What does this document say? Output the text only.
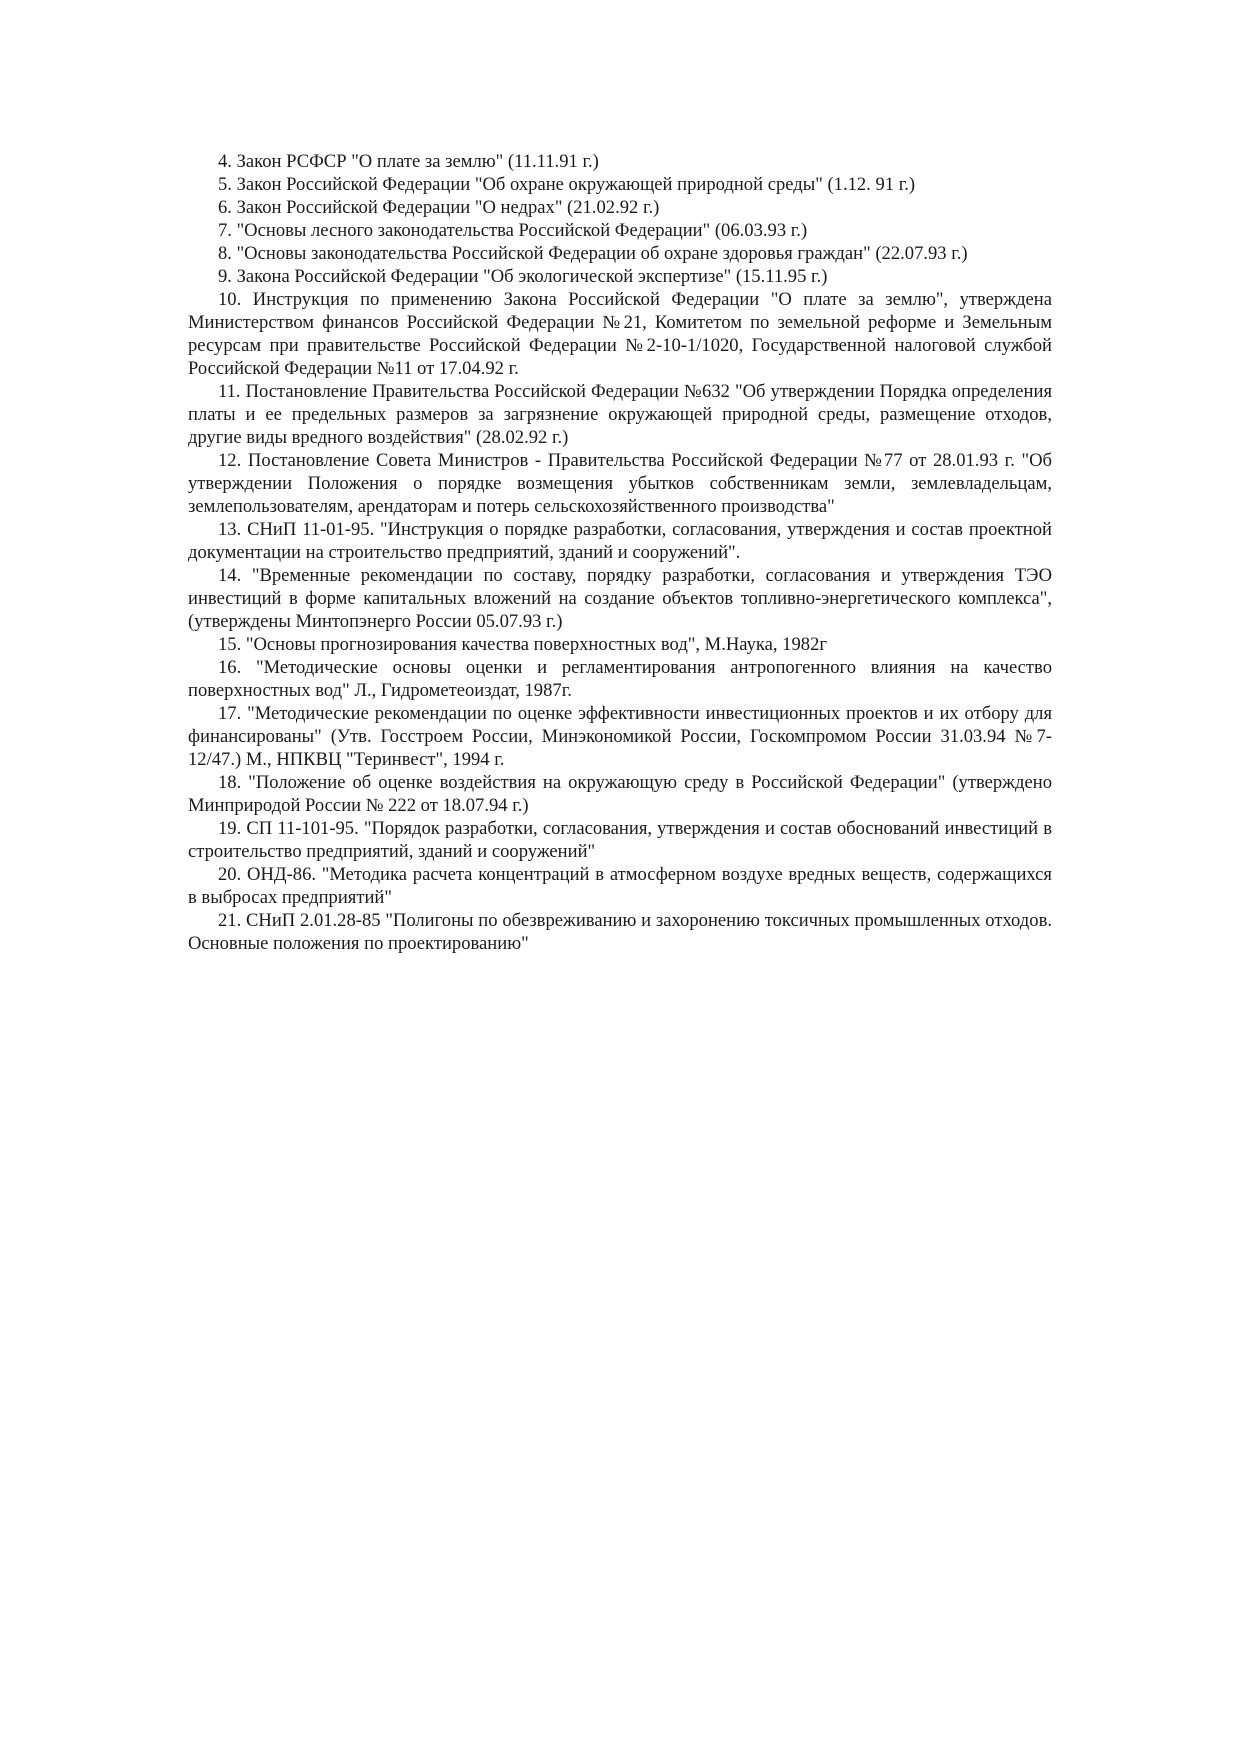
4. Закон РСФСР "О плате за землю" (11.11.91 г.)

5. Закон Российской Федерации "Об охране окружающей природной среды" (1.12. 91 г.)

6. Закон Российской Федерации "О недрах" (21.02.92 г.)

7. "Основы лесного законодательства Российской Федерации" (06.03.93 г.)

8. "Основы законодательства Российской Федерации об охране здоровья граждан" (22.07.93 г.)

9. Закона Российской Федерации "Об экологической экспертизе" (15.11.95 г.)

10. Инструкция по применению Закона Российской Федерации "О плате за землю", утверждена Министерством финансов Российской Федерации №21, Комитетом по земельной реформе и Земельным ресурсам при правительстве Российской Федерации №2-10-1/1020, Государственной налоговой службой Российской Федерации №11 от 17.04.92 г.

11. Постановление Правительства Российской Федерации №632 "Об утверждении Порядка определения платы и ее предельных размеров за загрязнение окружающей природной среды, размещение отходов, другие виды вредного воздействия" (28.02.92 г.)

12. Постановление Совета Министров - Правительства Российской Федерации №77 от 28.01.93 г. "Об утверждении Положения о порядке возмещения убытков собственникам земли, землевладельцам, землепользователям, арендаторам и потерь сельскохозяйственного производства"

13. СНиП 11-01-95. "Инструкция о порядке разработки, согласования, утверждения и состав проектной документации на строительство предприятий, зданий и сооружений".

14. "Временные рекомендации по составу, порядку разработки, согласования и утверждения ТЭО инвестиций в форме капитальных вложений на создание объектов топливно-энергетического комплекса", (утверждены Минтопэнерго России 05.07.93 г.)

15. "Основы прогнозирования качества поверхностных вод", М.Наука, 1982г

16. "Методические основы оценки и регламентирования антропогенного влияния на качество поверхностных вод" Л., Гидрометеоиздат, 1987г.

17. "Методические рекомендации по оценке эффективности инвестиционных проектов и их отбору для финансированы" (Утв. Госстроем России, Минэкономикой России, Госкомпромом России 31.03.94 №7-12/47.) М., НПКВЦ "Теринвест", 1994 г.

18. "Положение об оценке воздействия на окружающую среду в Российской Федерации" (утверждено Минприродой России № 222 от 18.07.94 г.)

19. СП 11-101-95. "Порядок разработки, согласования, утверждения и состав обоснований инвестиций в строительство предприятий, зданий и сооружений"

20. ОНД-86. "Методика расчета концентраций в атмосферном воздухе вредных веществ, содержащихся в выбросах предприятий"

21. СНиП 2.01.28-85 "Полигоны по обезвреживанию и захоронению токсичных промышленных отходов. Основные положения по проектированию"
